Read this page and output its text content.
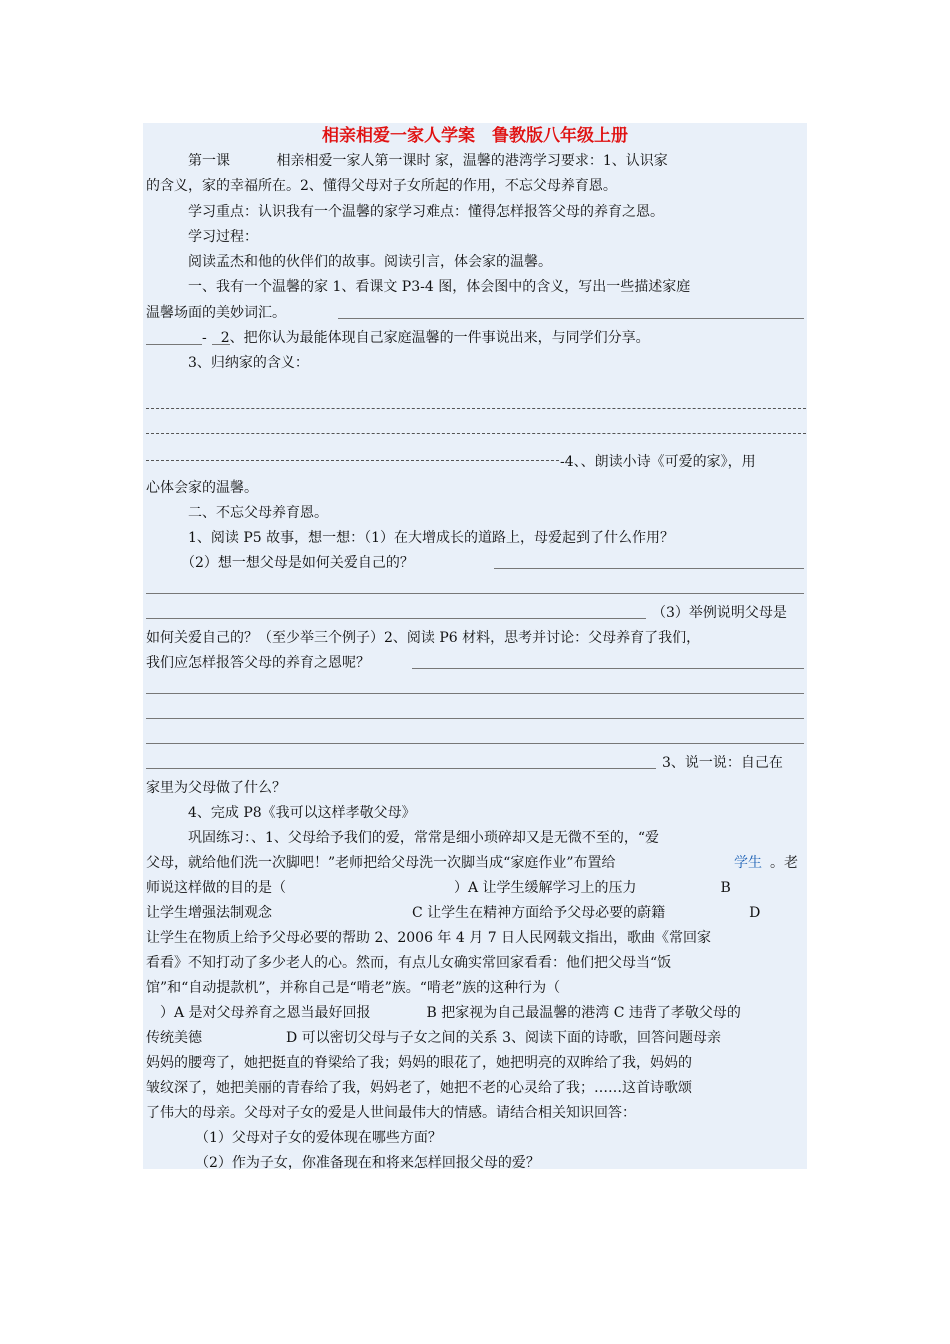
相亲相爱一家人学案　鲁教版八年级上册
　　　第一课　　　 相亲相爱一家人第一课时 家，温馨的港湾学习要求：1、认识家
的含义，家的幸福所在。2、懂得父母对子女所起的作用，不忘父母养育恩。
　　　学习重点：认识我有一个温馨的家学习难点：懂得怎样报答父母的养育之恩。
　　　学习过程：
　　　阅读孟杰和他的伙伴们的故事。阅读引言，体会家的温馨。
　　　一、我有一个温馨的家 1、看课文 P3-4 图，体会图中的含义，写出一些描述家庭
温馨场面的美妙词汇。
-　2、把你认为最能体现自己家庭温馨的一件事说出来，与同学们分享。
　　　3、归纳家的含义：
-4、、朗读小诗《可爱的家》，用
心体会家的温馨。
　　　二、不忘父母养育恩。
　　　1、阅读 P5 故事，想一想：（1）在大增成长的道路上，母爱起到了什么作用？
　　　（2）想一想父母是如何关爱自己的？
（3）举例说明父母是
如何关爱自己的？（至少举三个例子）2、阅读 P6 材料，思考并讨论：父母养育了我们，
我们应怎样报答父母的养育之恩呢？
3、说一说：自己在
家里为父母做了什么？
　　　4、完成 P8《我可以这样孝敬父母》
　　　巩固练习：、1、父母给予我们的爱，常常是细小琐碎却又是无微不至的，“爱
父母，就给他们洗一次脚吧！”老师把给父母洗一次脚当成“家庭作业”布置给	学生 。老
师说这样做的目的是（　　　　　　　　　　　　）A 让学生缓解学习上的压力　　　　　　B
让学生增强法制观念　　　　　　　　　　C 让学生在精神方面给予父母必要的蔚籍　　　　　　D
让学生在物质上给予父母必要的帮助 2、2006 年 4 月 7 日人民网载文指出，歌曲《常回家
看看》不知打动了多少老人的心。然而，有点儿女确实常回家看看：他们把父母当“饭
馆”和“自动提款机”，并称自己是“啃老”族。“啃老”族的这种行为（
　）A 是对父母养育之恩当最好回报　　　　B 把家视为自己最温馨的港湾 C 违背了孝敬父母的
传统美德　　　　　　D 可以密切父母与子女之间的关系 3、阅读下面的诗歌，回答问题母亲
妈妈的腰弯了，她把挺直的脊梁给了我；妈妈的眼花了，她把明亮的双眸给了我，妈妈的
皱纹深了，她把美丽的青春给了我，妈妈老了，她把不老的心灵给了我；……这首诗歌颂
了伟大的母亲。父母对子女的爱是人世间最伟大的情感。请结合相关知识回答：
　　　　（1）父母对子女的爱体现在哪些方面？
　　　　（2）作为子女，你准备现在和将来怎样回报父母的爱？
